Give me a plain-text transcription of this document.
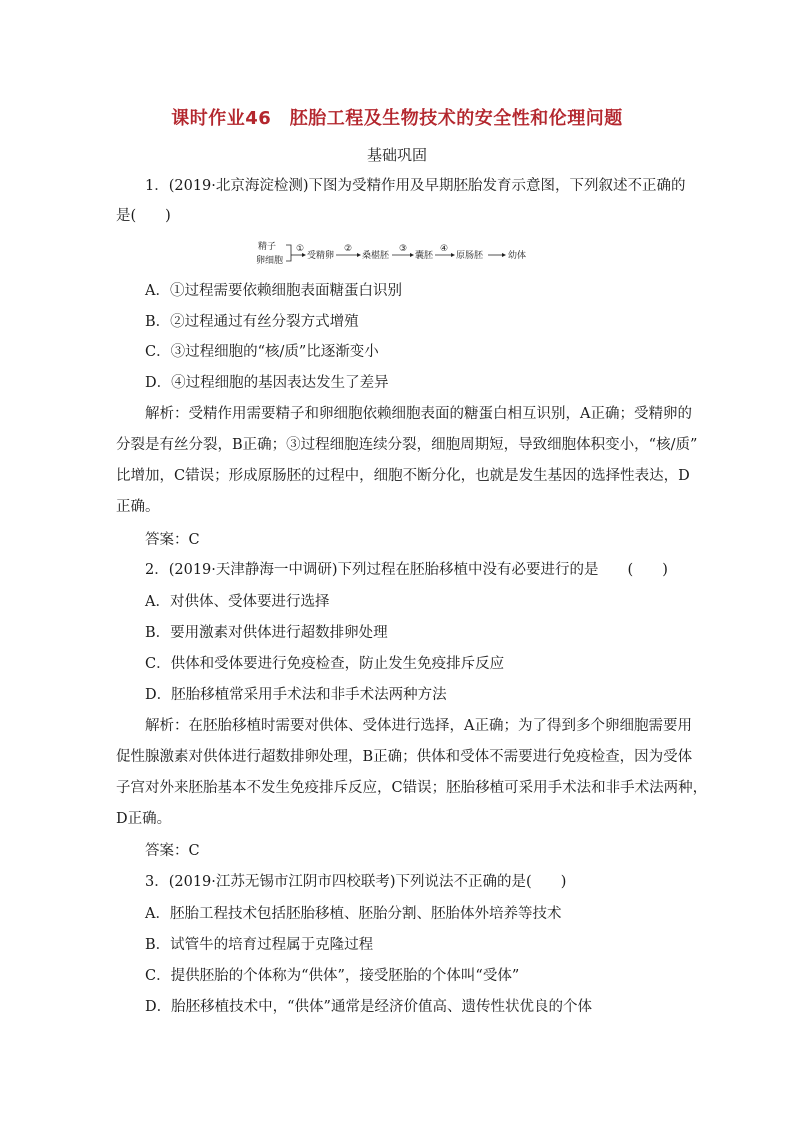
课时作业46　胚胎工程及生物技术的安全性和伦理问题
基础巩固
1．(2019·北京海淀检测)下图为受精作用及早期胚胎发育示意图，下列叙述不正确的
是(　　)
精子
卵细胞
①
受精卵
②
桑椹胚
③
囊胚
④
原肠胚	幼体
A．①过程需要依赖细胞表面糖蛋白识别
B．②过程通过有丝分裂方式增殖
C．③过程细胞的“核/质”比逐渐变小
D．④过程细胞的基因表达发生了差异
解析：受精作用需要精子和卵细胞依赖细胞表面的糖蛋白相互识别，A正确；受精卵的
分裂是有丝分裂，B正确；③过程细胞连续分裂，细胞周期短，导致细胞体积变小，“核/质”
比增加，C错误；形成原肠胚的过程中，细胞不断分化，也就是发生基因的选择性表达，D
正确。
答案：C
2．(2019·天津静海一中调研)下列过程在胚胎移植中没有必要进行的是　　(　　)
A．对供体、受体要进行选择
B．要用激素对供体进行超数排卵处理
C．供体和受体要进行免疫检查，防止发生免疫排斥反应
D．胚胎移植常采用手术法和非手术法两种方法
解析：在胚胎移植时需要对供体、受体进行选择，A正确；为了得到多个卵细胞需要用
促性腺激素对供体进行超数排卵处理，B正确；供体和受体不需要进行免疫检查，因为受体
子宫对外来胚胎基本不发生免疫排斥反应，C错误；胚胎移植可采用手术法和非手术法两种，
D正确。
答案：C
3．(2019·江苏无锡市江阴市四校联考)下列说法不正确的是(　　)
A．胚胎工程技术包括胚胎移植、胚胎分割、胚胎体外培养等技术
B．试管牛的培育过程属于克隆过程
C．提供胚胎的个体称为“供体”，接受胚胎的个体叫“受体”
D．胎胚移植技术中，“供体”通常是经济价值高、遗传性状优良的个体
